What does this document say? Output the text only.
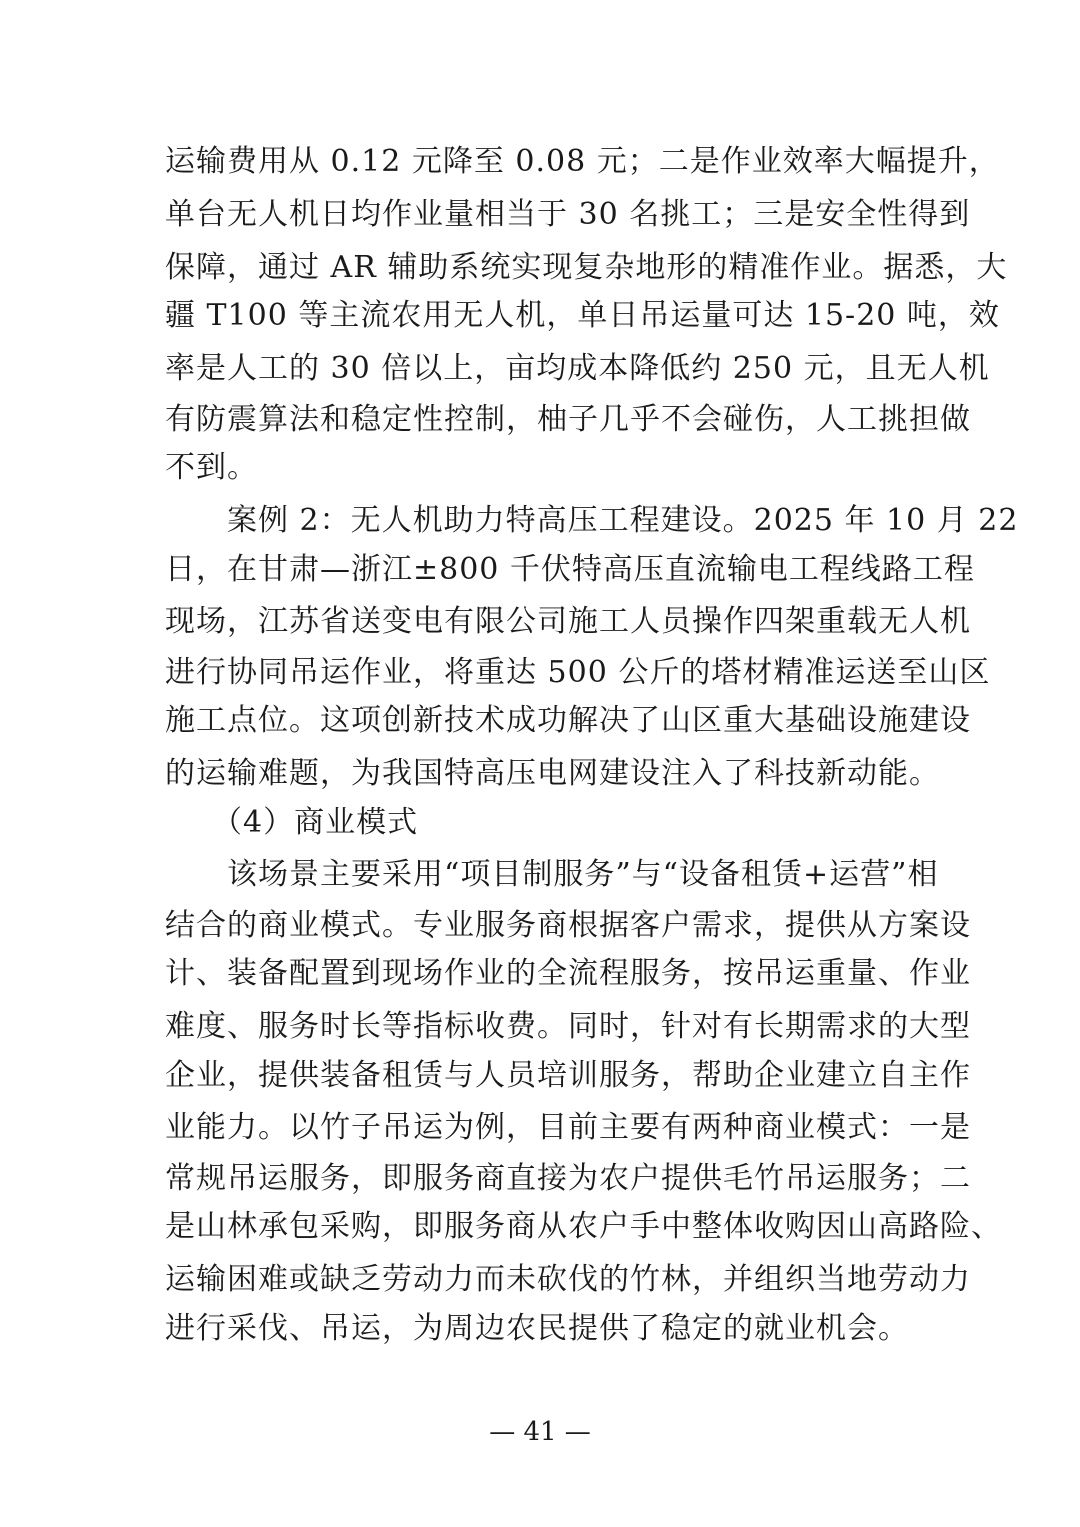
运输费用从 0.12 元降至 0.08 元；二是作业效率大幅提升，
单台无人机日均作业量相当于 30 名挑工；三是安全性得到
保障，通过 AR 辅助系统实现复杂地形的精准作业。据悉，大
疆 T100 等主流农用无人机，单日吊运量可达 15-20 吨，效
率是人工的 30 倍以上，亩均成本降低约 250 元，且无人机
有防震算法和稳定性控制，柚子几乎不会碰伤，人工挑担做
不到。
　　案例 2：无人机助力特高压工程建设。2025 年 10 月 22
日，在甘肃—浙江±800 千伏特高压直流输电工程线路工程
现场，江苏省送变电有限公司施工人员操作四架重载无人机
进行协同吊运作业，将重达 500 公斤的塔材精准运送至山区
施工点位。这项创新技术成功解决了山区重大基础设施建设
的运输难题，为我国特高压电网建设注入了科技新动能。
　　（4）商业模式
　　该场景主要采用“项目制服务”与“设备租赁+运营”相
结合的商业模式。专业服务商根据客户需求，提供从方案设
计、装备配置到现场作业的全流程服务，按吊运重量、作业
难度、服务时长等指标收费。同时，针对有长期需求的大型
企业，提供装备租赁与人员培训服务，帮助企业建立自主作
业能力。以竹子吊运为例，目前主要有两种商业模式：一是
常规吊运服务，即服务商直接为农户提供毛竹吊运服务；二
是山林承包采购，即服务商从农户手中整体收购因山高路险、
运输困难或缺乏劳动力而未砍伐的竹林，并组织当地劳动力
进行采伐、吊运，为周边农民提供了稳定的就业机会。
— 41 —
